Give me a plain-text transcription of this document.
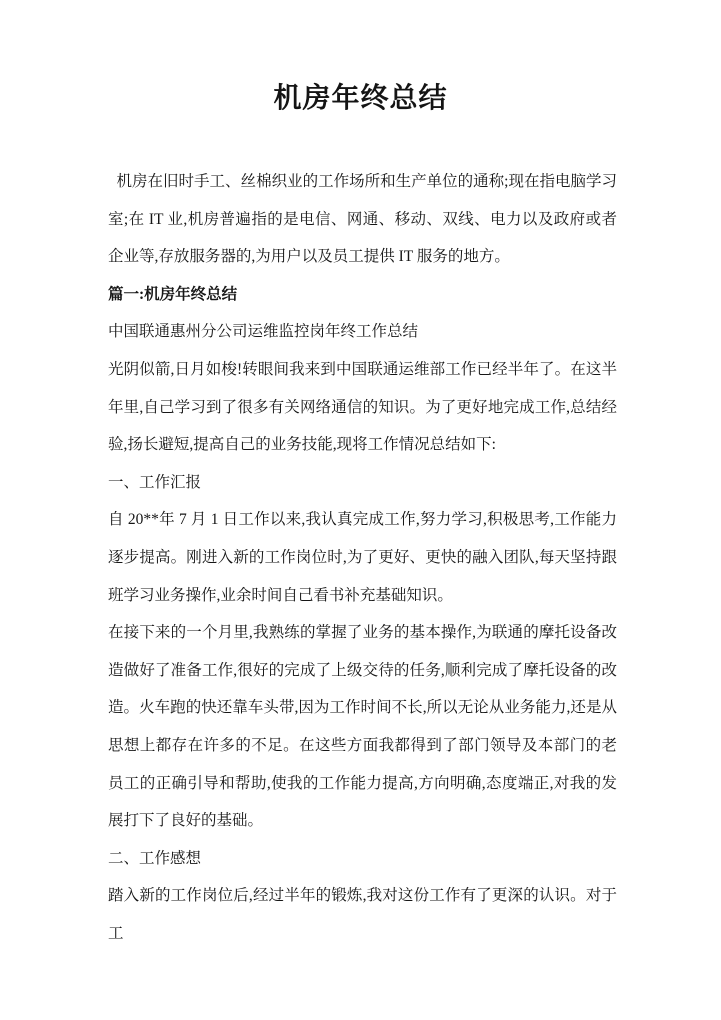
机房年终总结

机房在旧时手工、丝棉织业的工作场所和生产单位的通称;现在指电脑学习室;在 IT 业,机房普遍指的是电信、网通、移动、双线、电力以及政府或者企业等,存放服务器的,为用户以及员工提供 IT 服务的地方。

篇一:机房年终总结

中国联通惠州分公司运维监控岗年终工作总结

光阴似箭,日月如梭!转眼间我来到中国联通运维部工作已经半年了。在这半年里,自己学习到了很多有关网络通信的知识。为了更好地完成工作,总结经验,扬长避短,提高自己的业务技能,现将工作情况总结如下:

一、工作汇报

自 20**年 7 月 1 日工作以来,我认真完成工作,努力学习,积极思考,工作能力逐步提高。刚进入新的工作岗位时,为了更好、更快的融入团队,每天坚持跟班学习业务操作,业余时间自己看书补充基础知识。

在接下来的一个月里,我熟练的掌握了业务的基本操作,为联通的摩托设备改造做好了准备工作,很好的完成了上级交待的任务,顺利完成了摩托设备的改造。火车跑的快还靠车头带,因为工作时间不长,所以无论从业务能力,还是从思想上都存在许多的不足。在这些方面我都得到了部门领导及本部门的老员工的正确引导和帮助,使我的工作能力提高,方向明确,态度端正,对我的发展打下了良好的基础。

二、工作感想

踏入新的工作岗位后,经过半年的锻炼,我对这份工作有了更深的认识。对于工
